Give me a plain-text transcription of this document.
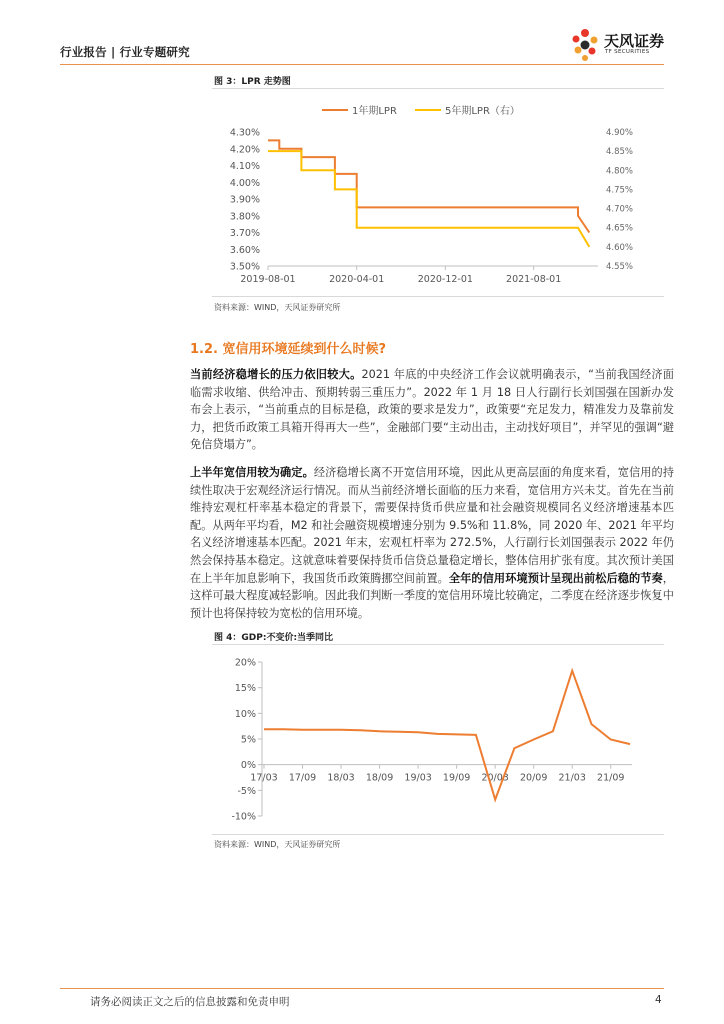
行业报告 | 行业专题研究
天风证券
TF SECURITIES
图 3：LPR 走势图
1年期LPR	5年期LPR（右）
4.30%
4.20%
4.10%
4.00%
3.90%
3.80%
3.70%
3.60%
3.50%
4.90%
4.85%
4.80%
4.75%
4.70%
4.65%
4.60%
4.55%
2019-08-01	2020-04-01	2020-12-01	2021-08-01
资料来源：WIND，天风证券研究所
1.2. 宽信用环境延续到什么时候?
当前经济稳增长的压力依旧较大。2021 年底的中央经济工作会议就明确表示，“当前我国经济面临需求收缩、供给冲击、预期转弱三重压力”。2022 年 1 月 18 日人行副行长刘国强在国新办发布会上表示，“当前重点的目标是稳，政策的要求是发力”，政策要“充足发力，精准发力及靠前发力，把货币政策工具箱开得再大一些”，金融部门要“主动出击，主动找好项目”，并罕见的强调“避免信贷塌方”。
上半年宽信用较为确定。经济稳增长离不开宽信用环境，因此从更高层面的角度来看，宽信用的持续性取决于宏观经济运行情况。而从当前经济增长面临的压力来看，宽信用方兴未艾。首先在当前维持宏观杠杆率基本稳定的背景下，需要保持货币供应量和社会融资规模同名义经济增速基本匹配。从两年平均看，M2 和社会融资规模增速分别为 9.5%和 11.8%，同 2020 年、2021 年平均名义经济增速基本匹配。2021 年末，宏观杠杆率为 272.5%，人行副行长刘国强表示 2022 年仍然会保持基本稳定。这就意味着要保持货币信贷总量稳定增长，整体信用扩张有度。其次预计美国在上半年加息影响下，我国货币政策腾挪空间前置。全年的信用环境预计呈现出前松后稳的节奏，这样可最大程度减轻影响。因此我们判断一季度的宽信用环境比较确定，二季度在经济逐步恢复中预计也将保持较为宽松的信用环境。
图 4：GDP:不变价:当季同比
20%
15%
10%
5%
0%
-5%
-10%
17/03 17/09 18/03 18/09 19/03 19/09 20/03 20/09 21/03 21/09
资料来源：WIND，天风证券研究所
请务必阅读正文之后的信息披露和免责申明	4
